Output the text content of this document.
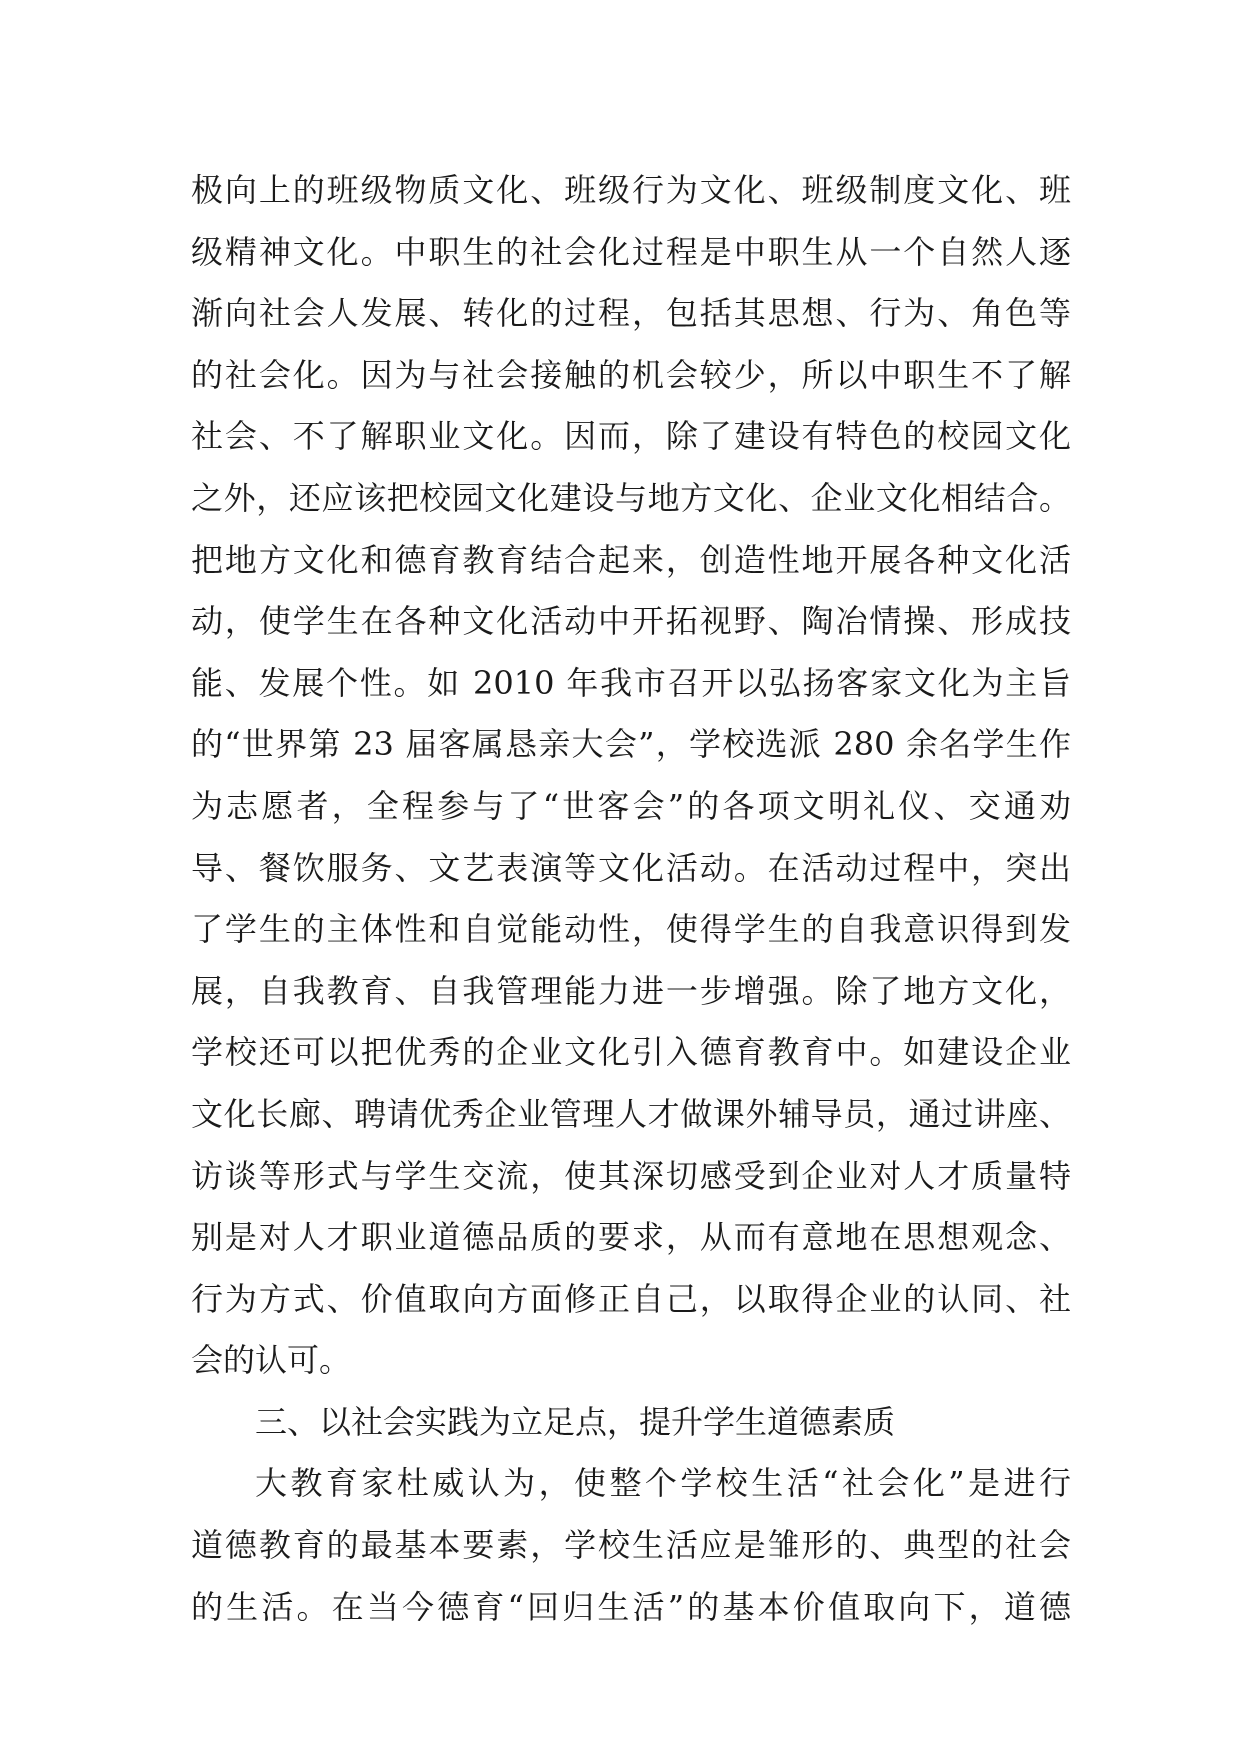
极向上的班级物质文化、班级行为文化、班级制度文化、班
级精神文化。中职生的社会化过程是中职生从一个自然人逐
渐向社会人发展、转化的过程，包括其思想、行为、角色等
的社会化。因为与社会接触的机会较少，所以中职生不了解
社会、不了解职业文化。因而，除了建设有特色的校园文化
之外，还应该把校园文化建设与地方文化、企业文化相结合。
把地方文化和德育教育结合起来，创造性地开展各种文化活
动，使学生在各种文化活动中开拓视野、陶冶情操、形成技
能、发展个性。如 2010 年我市召开以弘扬客家文化为主旨
的“世界第 23 届客属恳亲大会”，学校选派 280 余名学生作
为志愿者，全程参与了“世客会”的各项文明礼仪、交通劝
导、餐饮服务、文艺表演等文化活动。在活动过程中，突出
了学生的主体性和自觉能动性，使得学生的自我意识得到发
展，自我教育、自我管理能力进一步增强。除了地方文化，
学校还可以把优秀的企业文化引入德育教育中。如建设企业
文化长廊、聘请优秀企业管理人才做课外辅导员，通过讲座、
访谈等形式与学生交流，使其深切感受到企业对人才质量特
别是对人才职业道德品质的要求，从而有意地在思想观念、
行为方式、价值取向方面修正自己，以取得企业的认同、社
会的认可。
三、以社会实践为立足点，提升学生道德素质
大教育家杜威认为，使整个学校生活“社会化”是进行
道德教育的最基本要素，学校生活应是雏形的、典型的社会
的生活。在当今德育“回归生活”的基本价值取向下，道德
